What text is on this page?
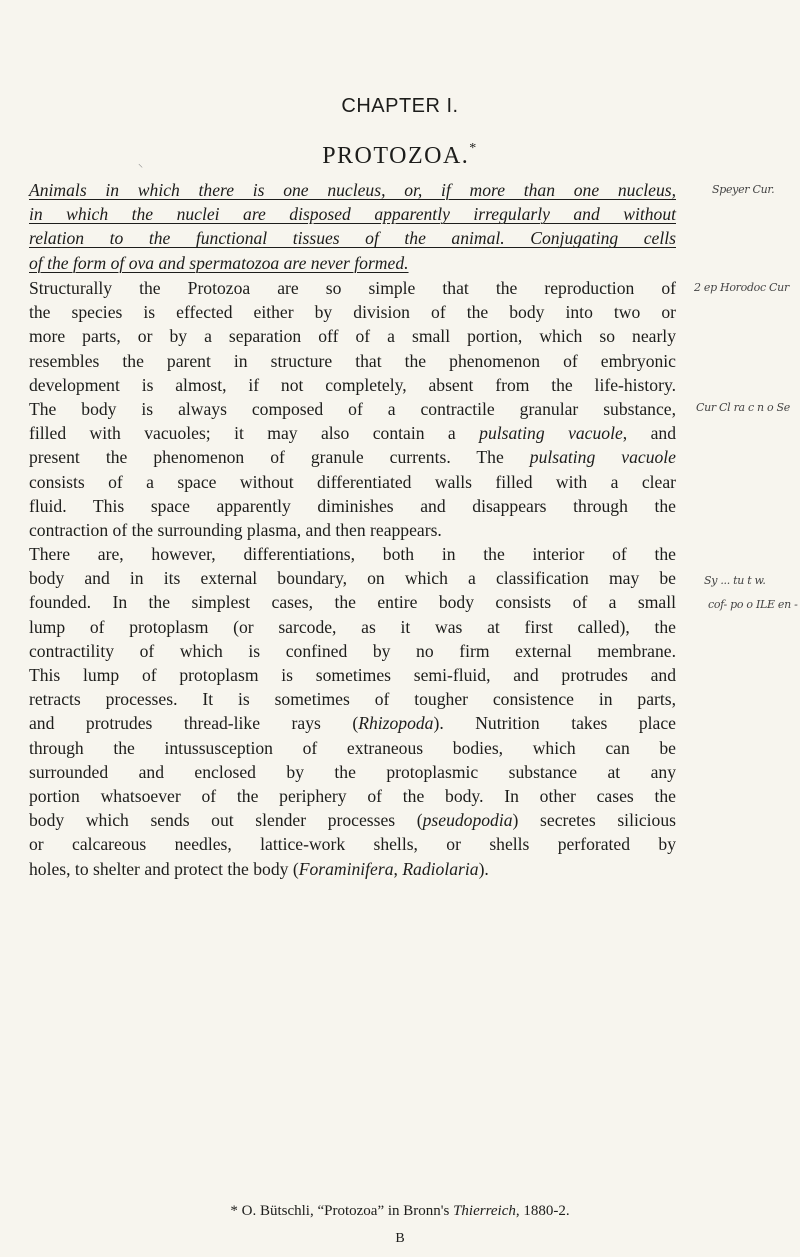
CHAPTER I.
PROTOZOA.*
⸌
Animals in which there is one nucleus, or, if more than one nucleus,
in which the nuclei are disposed apparently irregularly and without
relation to the functional tissues of the animal. Conjugating cells
of the form of ova and spermatozoa are never formed.
Structurally the Protozoa are so simple that the reproduction of
the species is effected either by division of the body into two or
more parts, or by a separation off of a small portion, which so nearly
resembles the parent in structure that the phenomenon of embryonic
development is almost, if not completely, absent from the life-history.
The body is always composed of a contractile granular substance,
filled with vacuoles; it may also contain a pulsating vacuole, and
present the phenomenon of granule currents. The pulsating vacuole
consists of a space without differentiated walls filled with a clear
fluid. This space apparently diminishes and disappears through the
contraction of the surrounding plasma, and then reappears.
There are, however, differentiations, both in the interior of the
body and in its external boundary, on which a classification may be
founded. In the simplest cases, the entire body consists of a small
lump of protoplasm (or sarcode, as it was at first called), the
contractility of which is confined by no firm external membrane.
This lump of protoplasm is sometimes semi-fluid, and protrudes and
retracts processes. It is sometimes of tougher consistence in parts,
and protrudes thread-like rays (Rhizopoda). Nutrition takes place
through the intussusception of extraneous bodies, which can be
surrounded and enclosed by the protoplasmic substance at any
portion whatsoever of the periphery of the body. In other cases the
body which sends out slender processes (pseudopodia) secretes silicious
or calcareous needles, lattice-work shells, or shells perforated by
holes, to shelter and protect the body (Foraminifera, Radiolaria).
Speyer Cur.
2 ep Horodoc Cur
Cur Cl ra c n o Se
Sy ... tu t w.
cof- po o ILE en -
* O. Bütschli, “Protozoa” in Bronn's Thierreich, 1880-2.
B
